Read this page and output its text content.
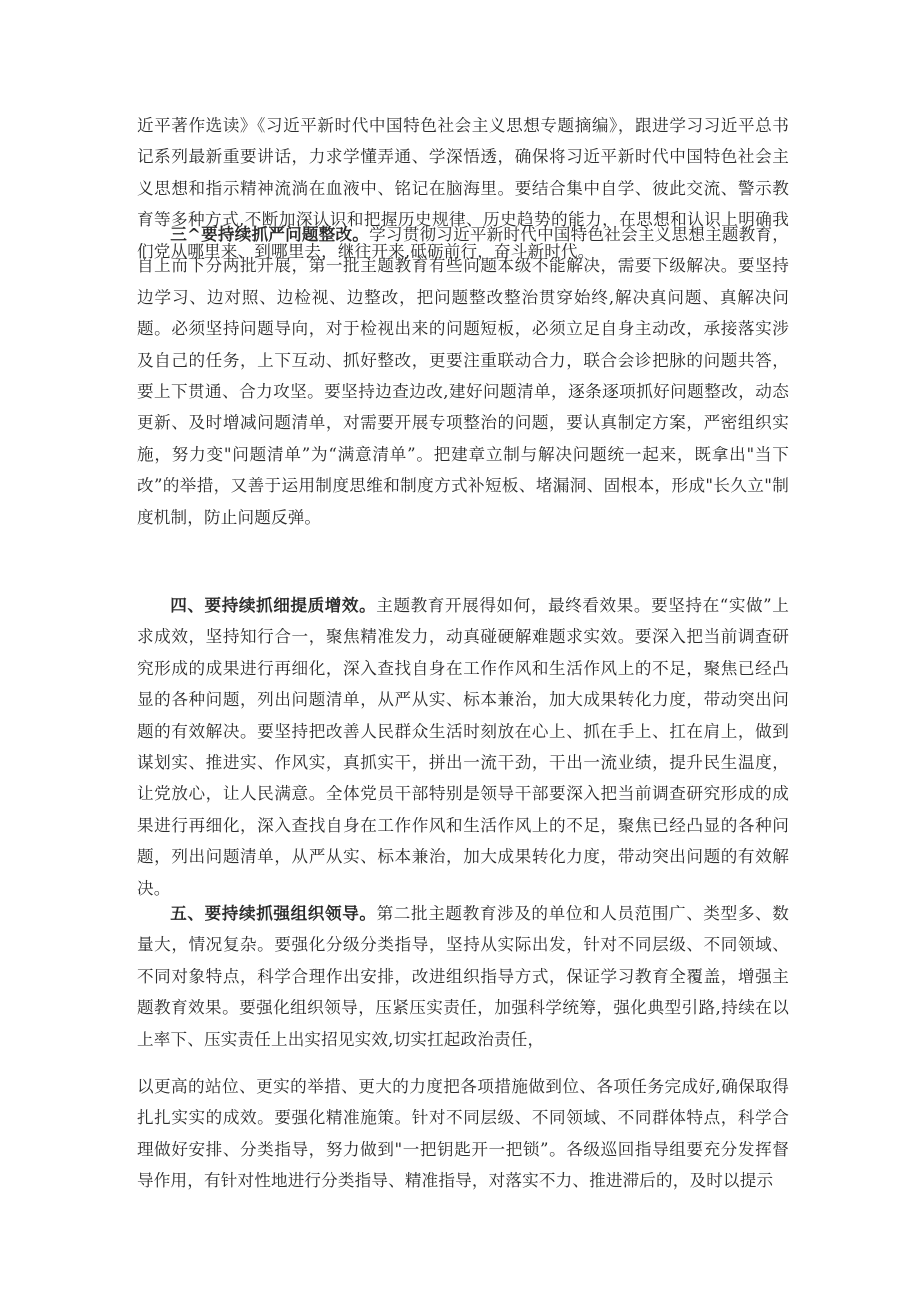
近平著作选读》《习近平新时代中国特色社会主义思想专题摘编》，跟进学习习近平总书记系列最新重要讲话，力求学懂弄通、学深悟透，确保将习近平新时代中国特色社会主义思想和指示精神流淌在血液中、铭记在脑海里。要结合集中自学、彼此交流、警示教育等多种方式,不断加深认识和把握历史规律、历史趋势的能力，在思想和认识上明确我们党从哪里来、到哪里去，继往开来,砥砺前行，奋斗新时代。

三^要持续抓严问题整改。学习贯彻习近平新时代中国特色社会主义思想主题教育，自上而下分两批开展，第一批主题教育有些问题本级不能解决，需要下级解决。要坚持边学习、边对照、边检视、边整改，把问题整改整治贯穿始终,解决真问题、真解决问题。必须坚持问题导向，对于检视出来的问题短板，必须立足自身主动改，承接落实涉及自己的任务，上下互动、抓好整改，更要注重联动合力，联合会诊把脉的问题共答，要上下贯通、合力攻坚。要坚持边查边改,建好问题清单，逐条逐项抓好问题整改，动态更新、及时增减问题清单，对需要开展专项整治的问题，要认真制定方案，严密组织实施，努力变"问题清单”为“满意清单”。把建章立制与解决问题统一起来，既拿出"当下改”的举措，又善于运用制度思维和制度方式补短板、堵漏洞、固根本，形成"长久立"制度机制，防止问题反弹。

四、要持续抓细提质增效。主题教育开展得如何，最终看效果。要坚持在“实做”上求成效，坚持知行合一，聚焦精准发力，动真碰硬解难题求实效。要深入把当前调查研究形成的成果进行再细化，深入查找自身在工作作风和生活作风上的不足，聚焦已经凸显的各种问题，列出问题清单，从严从实、标本兼治，加大成果转化力度，带动突出问题的有效解决。要坚持把改善人民群众生活时刻放在心上、抓在手上、扛在肩上，做到谋划实、推进实、作风实，真抓实干，拼出一流干劲，干出一流业绩，提升民生温度，让党放心，让人民满意。全体党员干部特别是领导干部要深入把当前调查研究形成的成果进行再细化，深入查找自身在工作作风和生活作风上的不足，聚焦已经凸显的各种问题，列出问题清单，从严从实、标本兼治，加大成果转化力度，带动突出问题的有效解决。

五、要持续抓强组织领导。第二批主题教育涉及的单位和人员范围广、类型多、数量大，情况复杂。要强化分级分类指导，坚持从实际出发，针对不同层级、不同领域、不同对象特点，科学合理作出安排，改进组织指导方式，保证学习教育全覆盖，增强主题教育效果。要强化组织领导，压紧压实责任，加强科学统筹，强化典型引路,持续在以上率下、压实责任上出实招见实效,切实扛起政治责任，

以更高的站位、更实的举措、更大的力度把各项措施做到位、各项任务完成好,确保取得扎扎实实的成效。要强化精准施策。针对不同层级、不同领域、不同群体特点，科学合理做好安排、分类指导，努力做到"一把钥匙开一把锁”。各级巡回指导组要充分发挥督导作用，有针对性地进行分类指导、精准指导，对落实不力、推进滞后的，及时以提示
